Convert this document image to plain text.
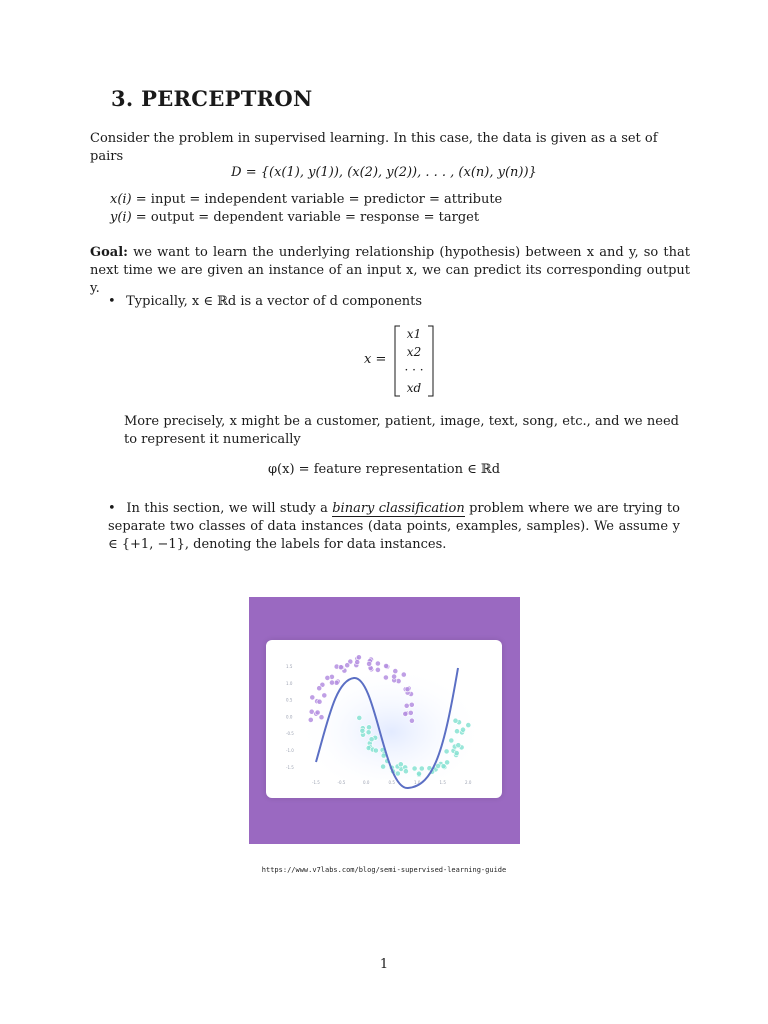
3. PERCEPTRON
Consider the problem in supervised learning. In this case, the data is given as a set of pairs
D = {(x(1), y(1)), (x(2), y(2)), . . . , (x(n), y(n))}
x(i) = input = independent variable = predictor = attribute
y(i) = output = dependent variable = response = target
Goal: we want to learn the underlying relationship (hypothesis) between x and y, so that next time we are given an instance of an input x, we can predict its corresponding output y.
• Typically, x ∈ ℝd is a vector of d components
x =
x1
x2
· · ·
xd
More precisely, x might be a customer, patient, image, text, song, etc., and we need to represent it numerically
φ(x) = feature representation ∈ ℝd
• In this section, we will study a binary classification problem where we are trying to separate two classes of data instances (data points, examples, samples). We assume y ∈ {+1, −1}, denoting the labels for data instances.
1.5
1.0
0.5
0.0
-0.5
-1.0
-1.5
-1.5	-0.5	0.0	0.5	1.0	1.5	2.0
https://www.v7labs.com/blog/semi-supervised-learning-guide
1
